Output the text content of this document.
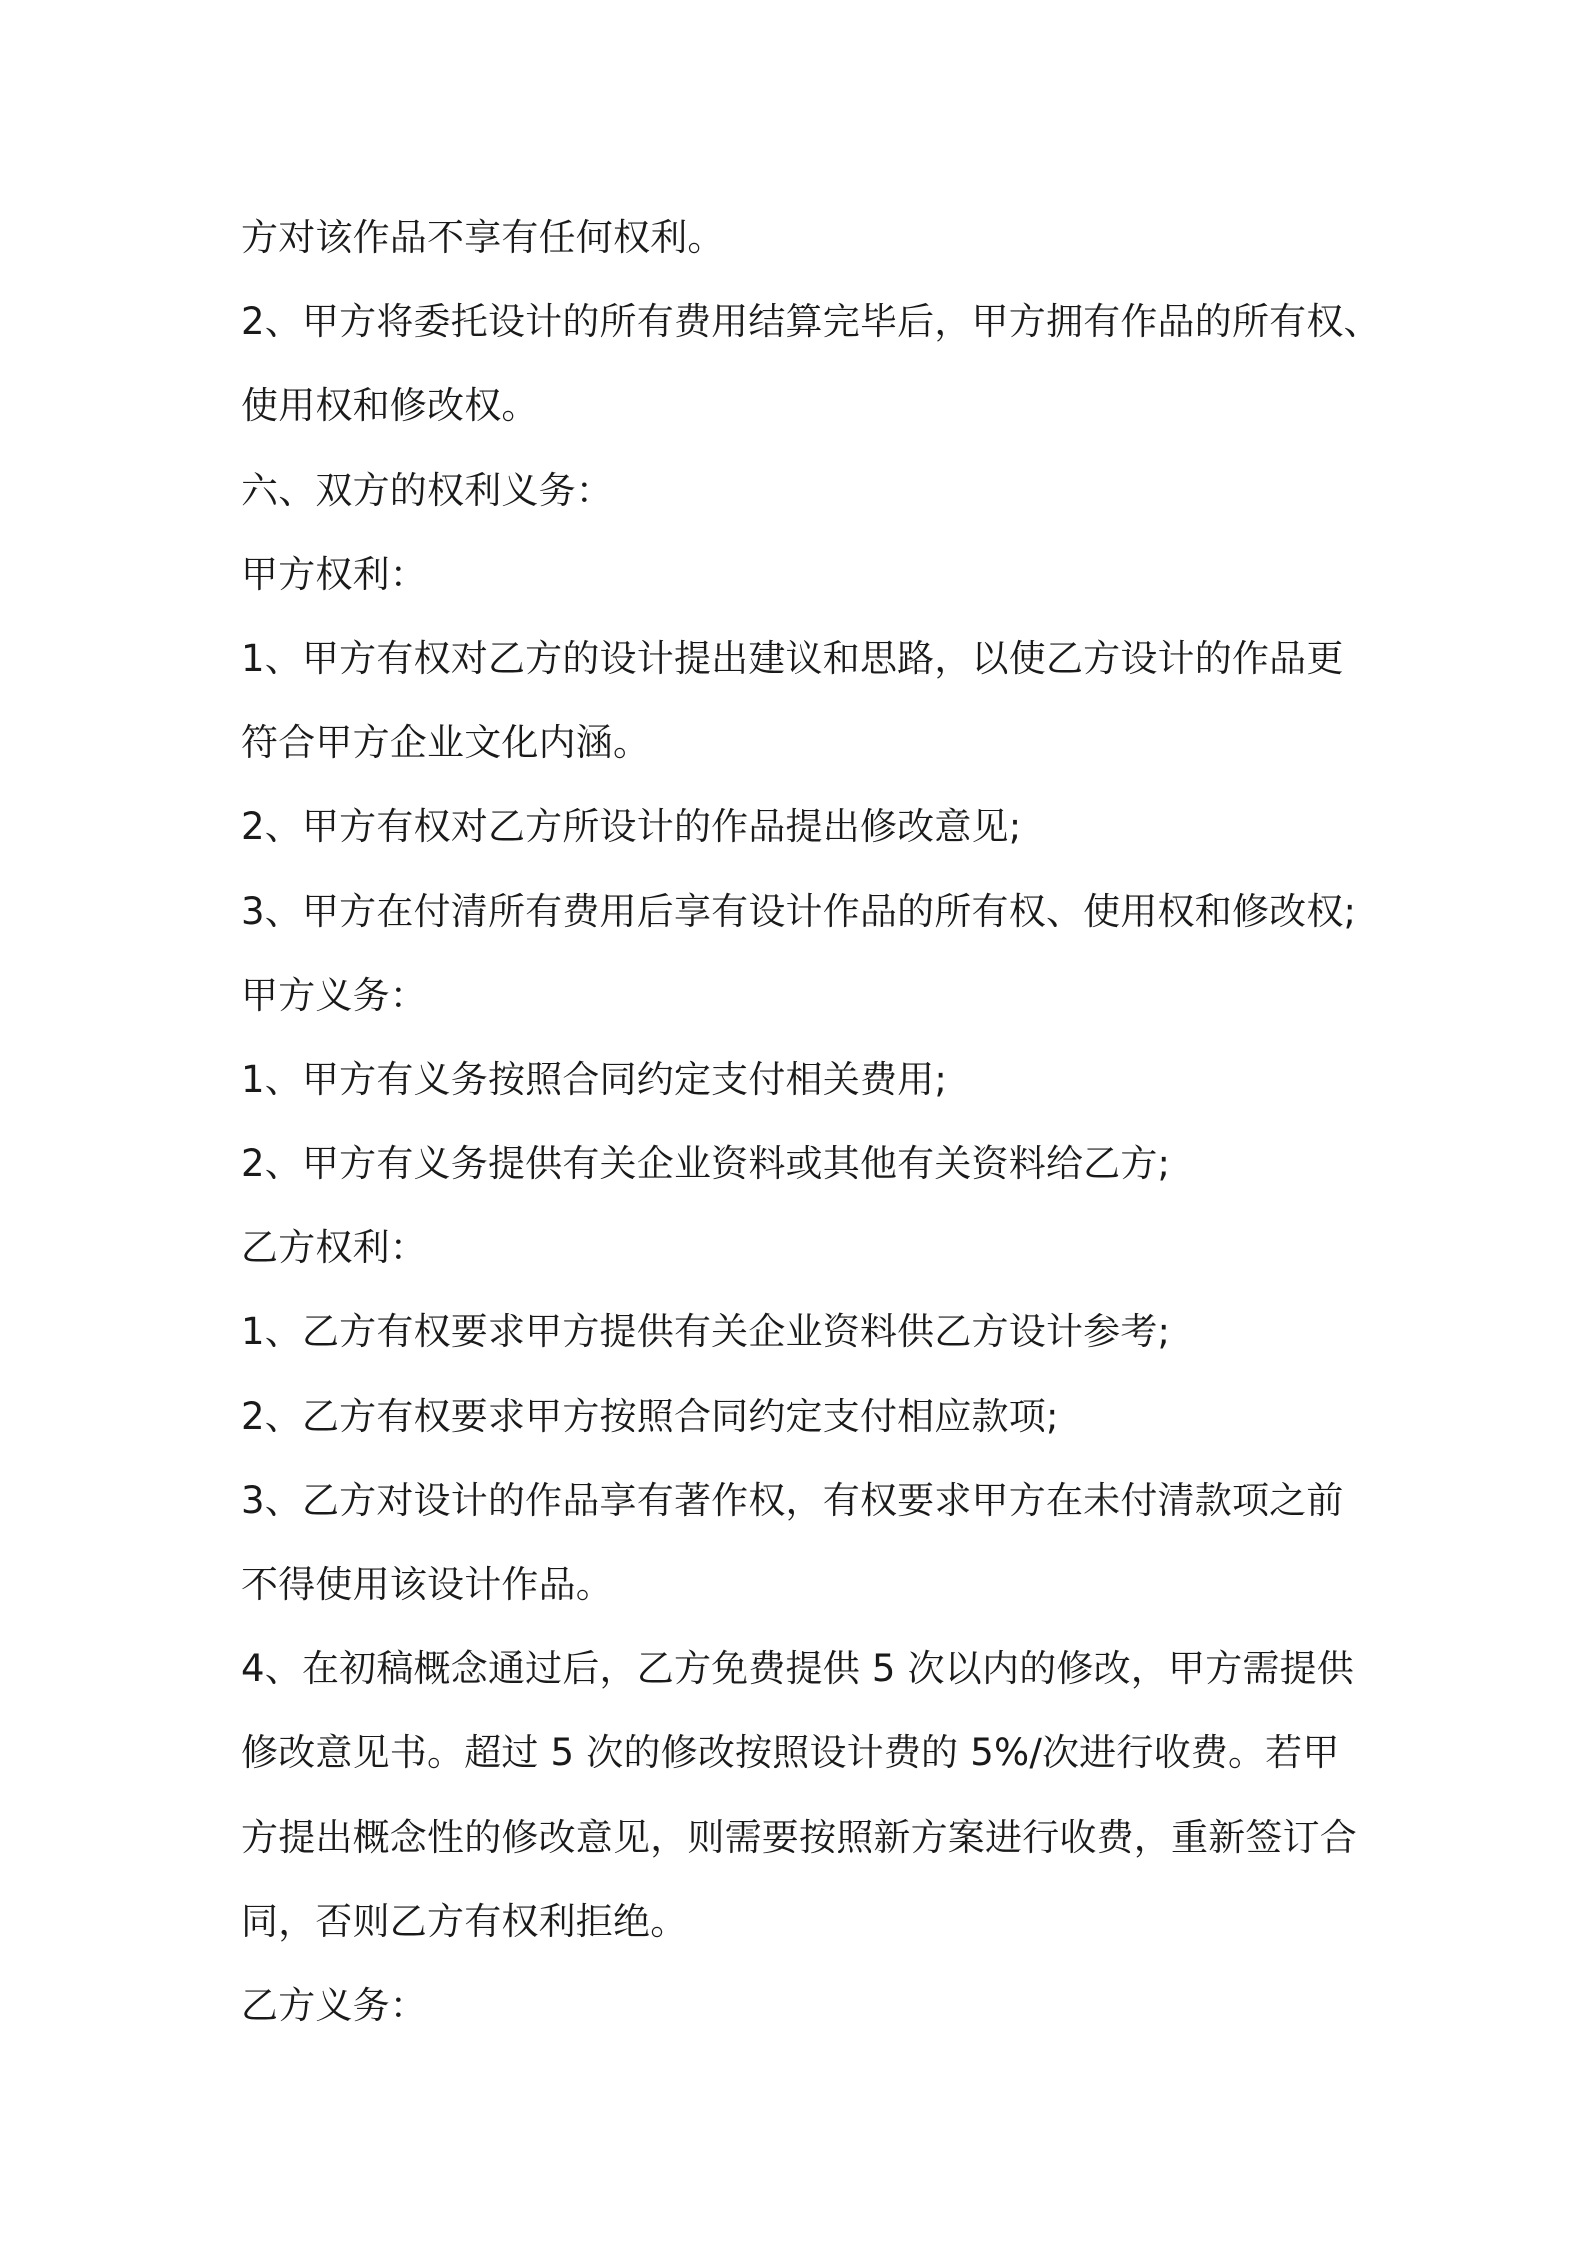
方对该作品不享有任何权利。
2、甲方将委托设计的所有费用结算完毕后，甲方拥有作品的所有权、
使用权和修改权。
六、双方的权利义务：
甲方权利：
1、甲方有权对乙方的设计提出建议和思路，以使乙方设计的作品更
符合甲方企业文化内涵。
2、甲方有权对乙方所设计的作品提出修改意见;
3、甲方在付清所有费用后享有设计作品的所有权、使用权和修改权;
甲方义务：
1、甲方有义务按照合同约定支付相关费用;
2、甲方有义务提供有关企业资料或其他有关资料给乙方;
乙方权利：
1、乙方有权要求甲方提供有关企业资料供乙方设计参考;
2、乙方有权要求甲方按照合同约定支付相应款项;
3、乙方对设计的作品享有著作权，有权要求甲方在未付清款项之前
不得使用该设计作品。
4、在初稿概念通过后，乙方免费提供 5 次以内的修改，甲方需提供
修改意见书。超过 5 次的修改按照设计费的 5%/次进行收费。若甲
方提出概念性的修改意见，则需要按照新方案进行收费，重新签订合
同，否则乙方有权利拒绝。
乙方义务：
